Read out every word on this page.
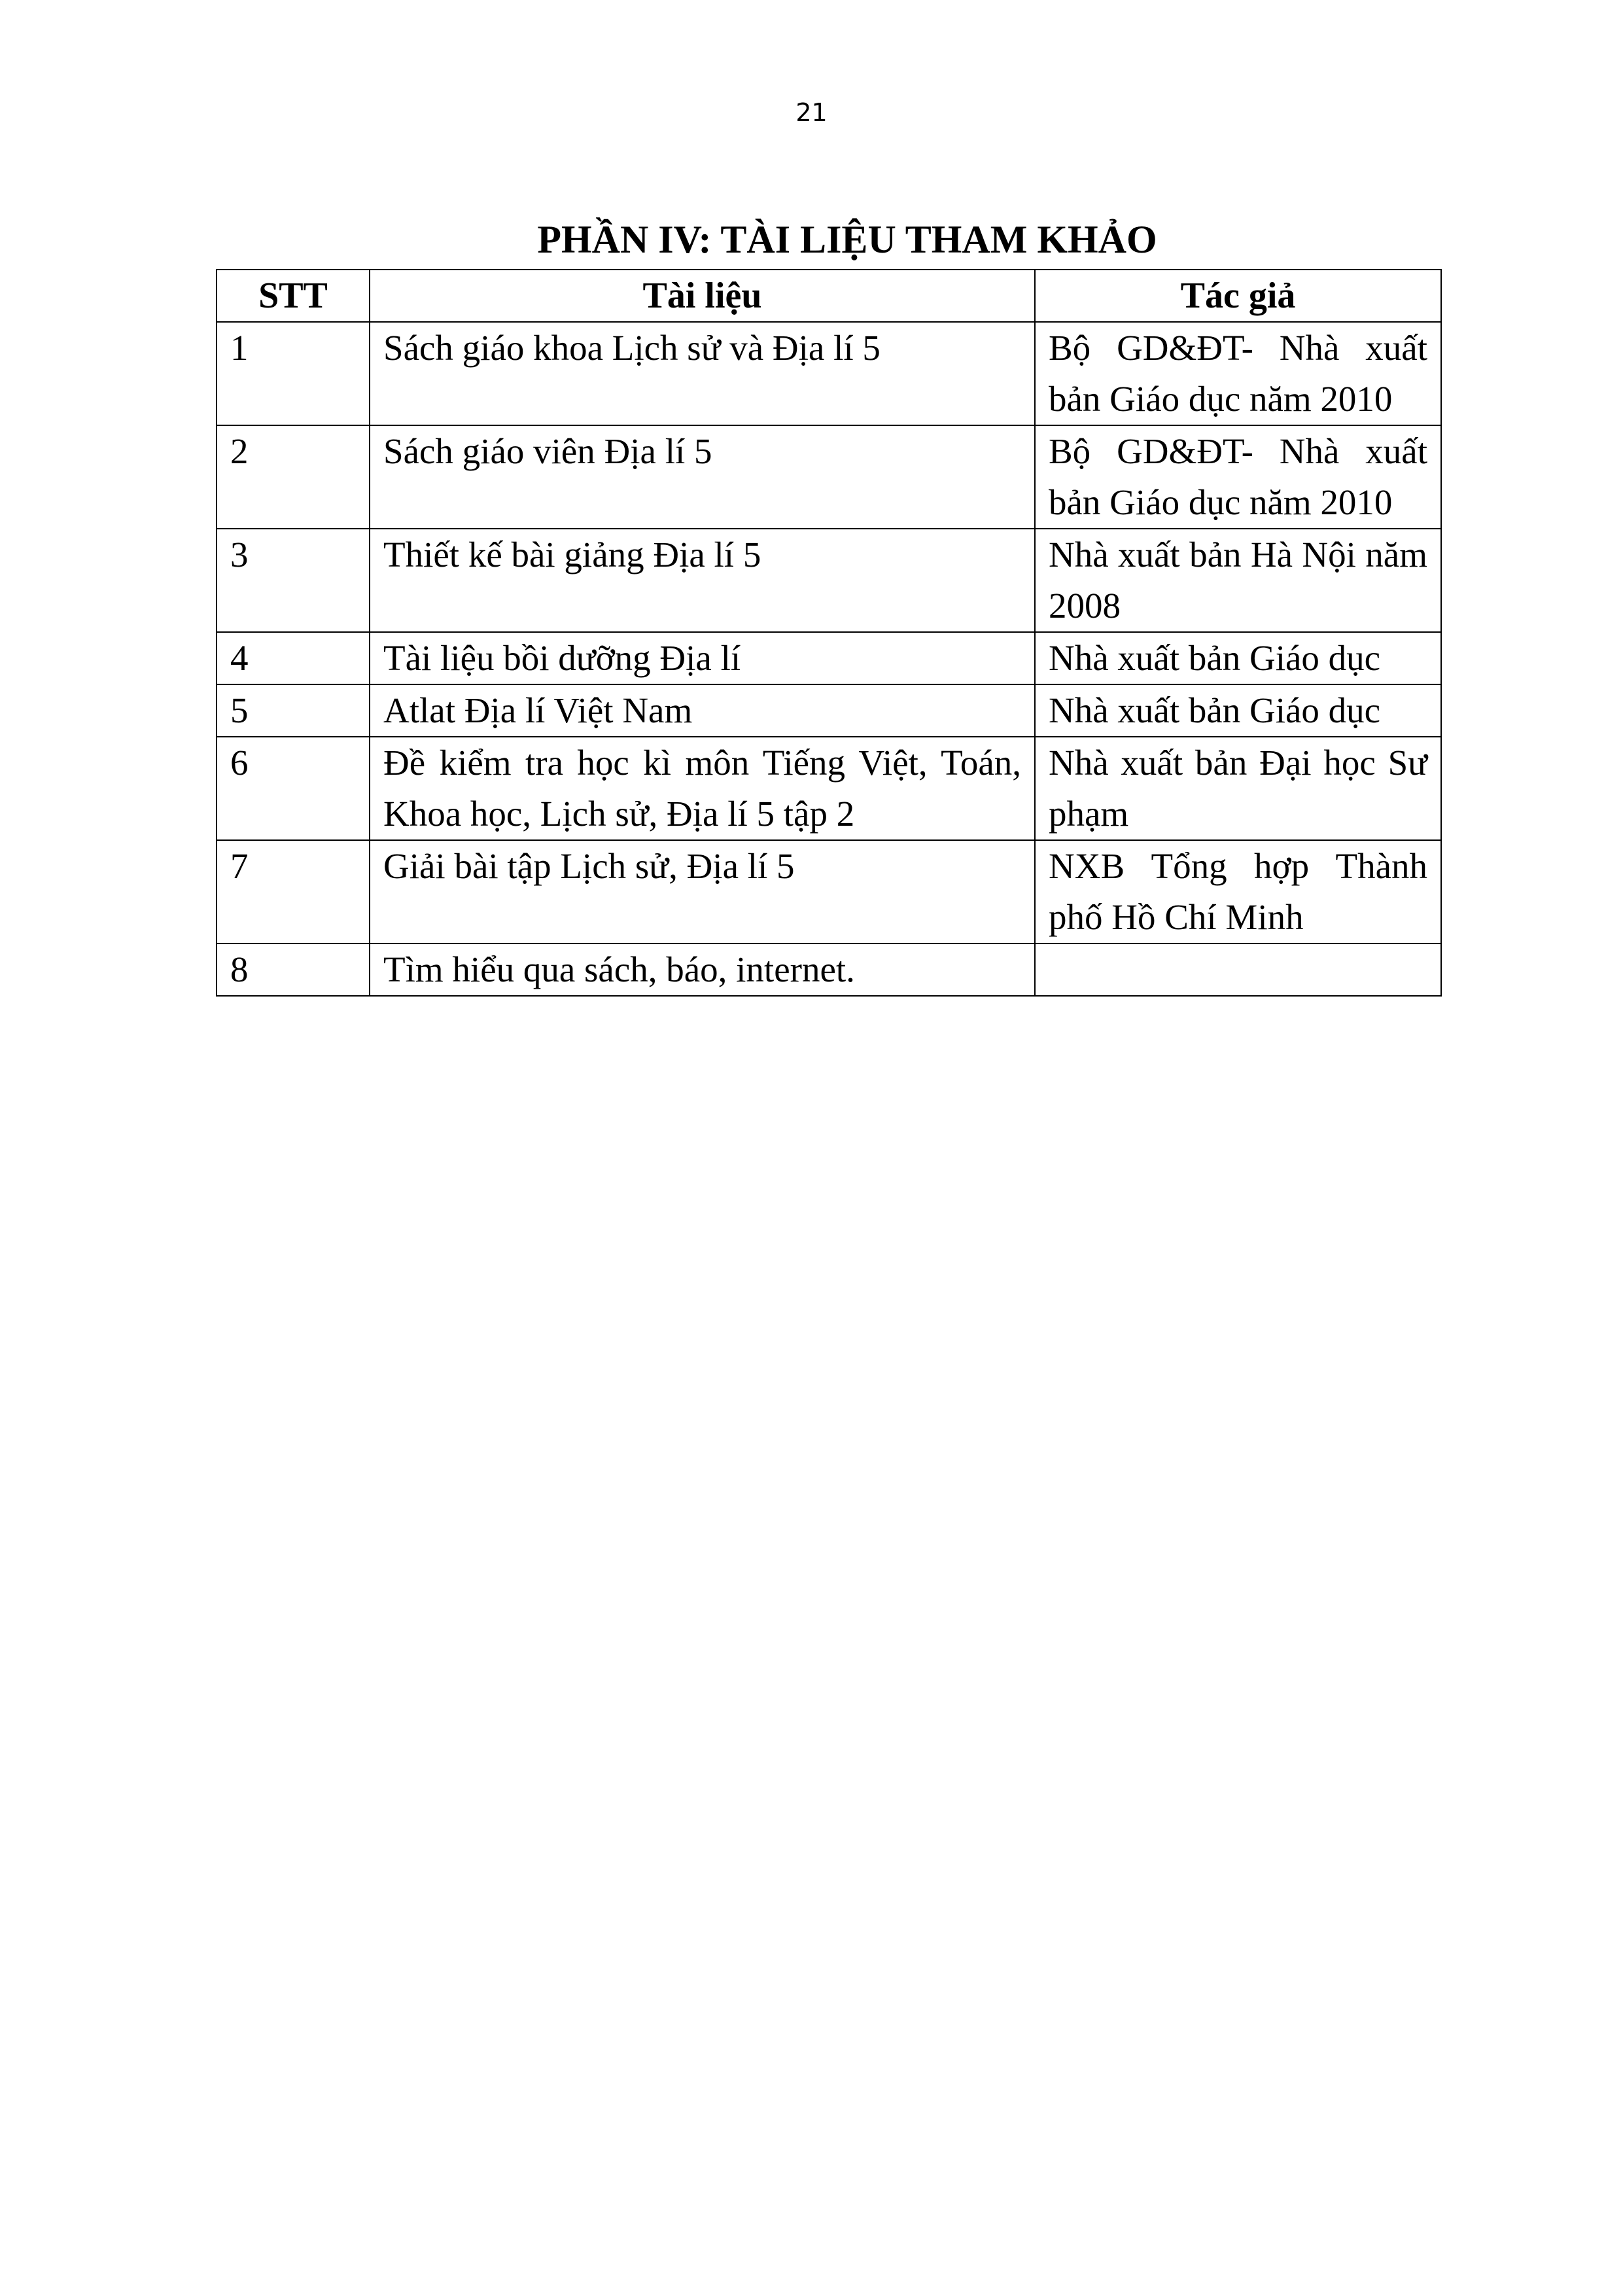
21
PHẦN IV: TÀI LIỆU THAM KHẢO
STT	Tài liệu	Tác giả
1	Sách giáo khoa Lịch sử và Địa lí 5	Bộ GD&ĐT- Nhà xuất bản Giáo dục năm 2010
2	Sách giáo viên Địa lí 5	Bộ GD&ĐT- Nhà xuất bản Giáo dục năm 2010
3	Thiết kế bài giảng Địa lí 5	Nhà xuất bản Hà Nội năm 2008
4	Tài liệu bồi dưỡng Địa lí	Nhà xuất bản Giáo dục
5	Atlat Địa lí Việt Nam	Nhà xuất bản Giáo dục
6	Đề kiểm tra học kì môn Tiếng Việt, Toán, Khoa học, Lịch sử, Địa lí 5 tập 2	Nhà xuất bản Đại học Sư phạm
7	Giải bài tập Lịch sử, Địa lí 5	NXB Tổng hợp Thành phố Hồ Chí Minh
8	Tìm hiểu qua sách, báo, internet.	
